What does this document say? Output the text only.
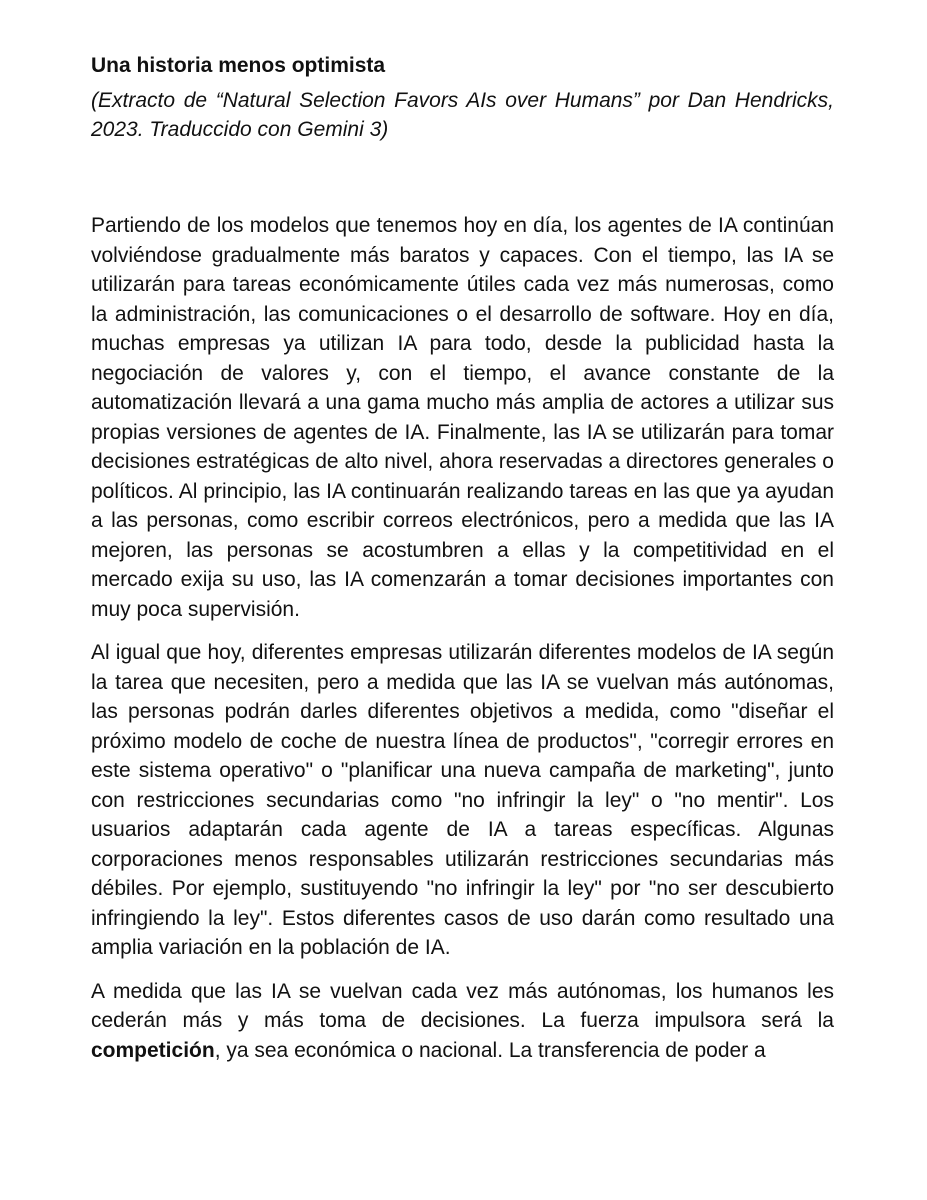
Una historia menos optimista

(Extracto de “Natural Selection Favors AIs over Humans” por Dan Hendricks, 2023. Traduccido con Gemini 3)

Partiendo de los modelos que tenemos hoy en día, los agentes de IA continúan volviéndose gradualmente más baratos y capaces. Con el tiempo, las IA se utilizarán para tareas económicamente útiles cada vez más numerosas, como la administración, las comunicaciones o el desarrollo de software. Hoy en día, muchas empresas ya utilizan IA para todo, desde la publicidad hasta la negociación de valores y, con el tiempo, el avance constante de la automatización llevará a una gama mucho más amplia de actores a utilizar sus propias versiones de agentes de IA. Finalmente, las IA se utilizarán para tomar decisiones estratégicas de alto nivel, ahora reservadas a directores generales o políticos. Al principio, las IA continuarán realizando tareas en las que ya ayudan a las personas, como escribir correos electrónicos, pero a medida que las IA mejoren, las personas se acostumbren a ellas y la competitividad en el mercado exija su uso, las IA comenzarán a tomar decisiones importantes con muy poca supervisión.

Al igual que hoy, diferentes empresas utilizarán diferentes modelos de IA según la tarea que necesiten, pero a medida que las IA se vuelvan más autónomas, las personas podrán darles diferentes objetivos a medida, como "diseñar el próximo modelo de coche de nuestra línea de productos", "corregir errores en este sistema operativo" o "planificar una nueva campaña de marketing", junto con restricciones secundarias como "no infringir la ley" o "no mentir". Los usuarios adaptarán cada agente de IA a tareas específicas. Algunas corporaciones menos responsables utilizarán restricciones secundarias más débiles. Por ejemplo, sustituyendo "no infringir la ley" por "no ser descubierto infringiendo la ley". Estos diferentes casos de uso darán como resultado una amplia variación en la población de IA.

A medida que las IA se vuelvan cada vez más autónomas, los humanos les cederán más y más toma de decisiones. La fuerza impulsora será la competición, ya sea económica o nacional. La transferencia de poder a
